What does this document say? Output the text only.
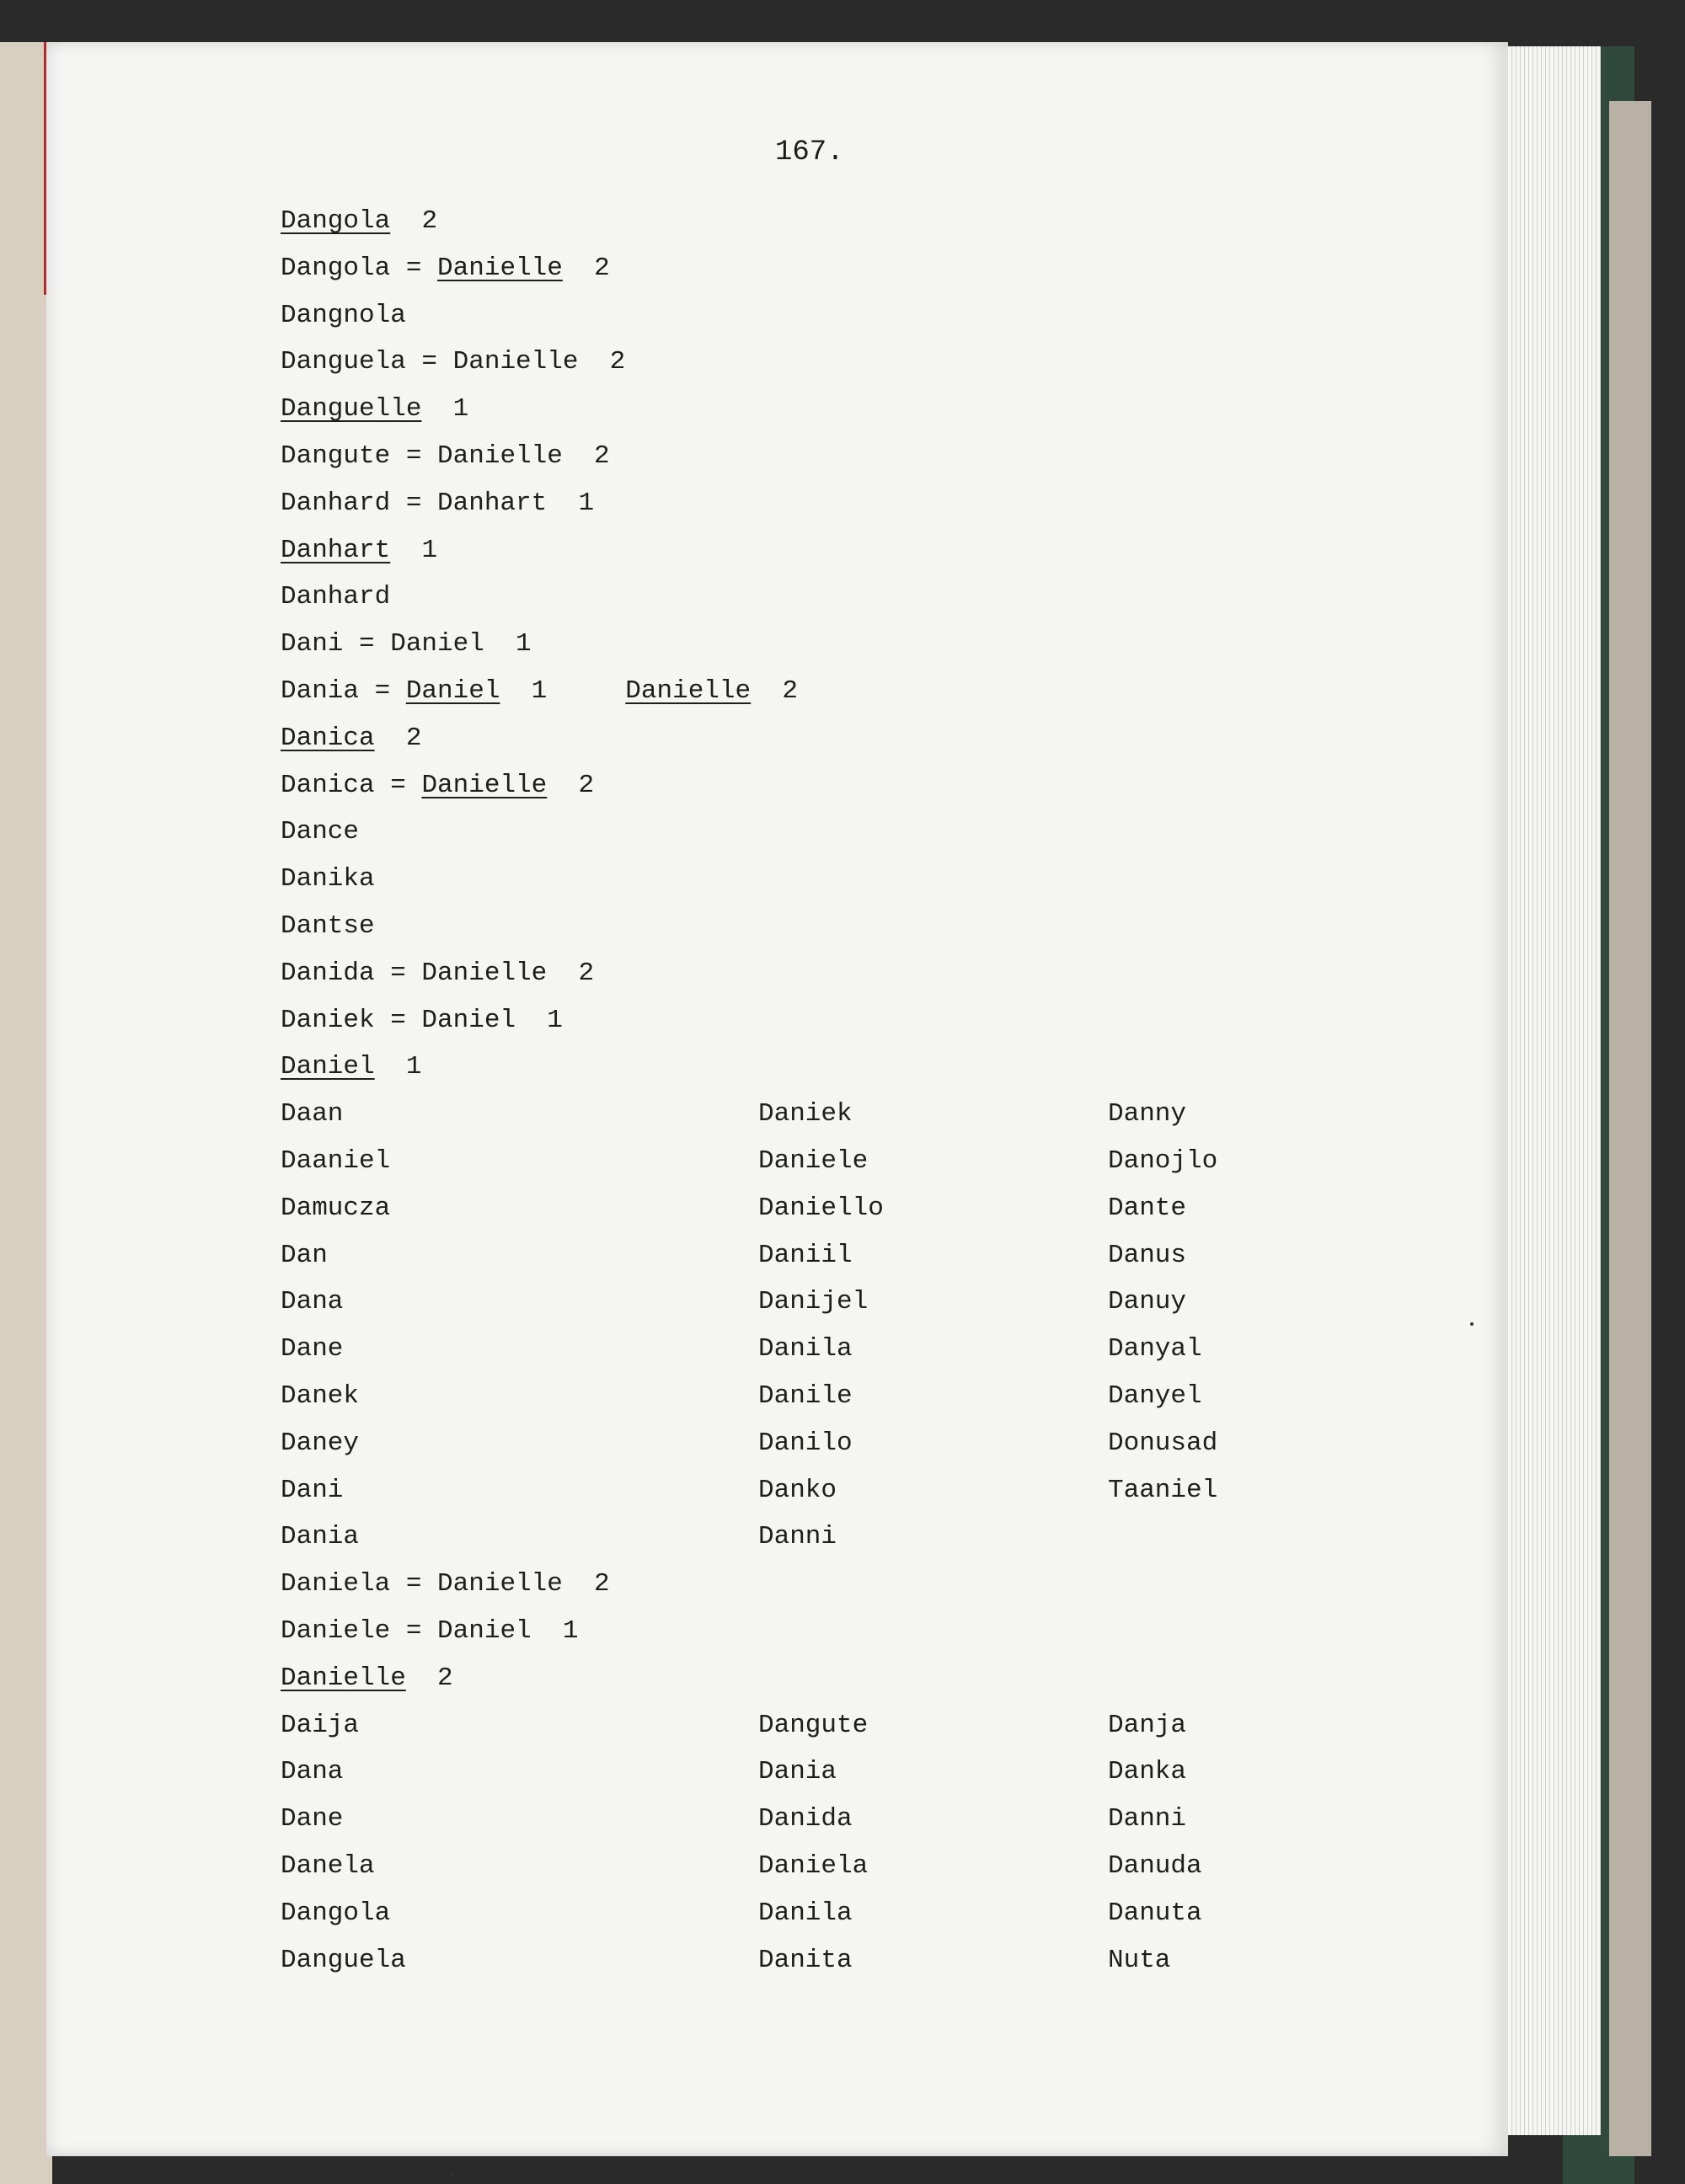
167.
Dangola  2
Dangola = Danielle  2
Dangnola
Danguela = Danielle  2
Danguelle  1
Dangute = Danielle  2
Danhard = Danhart  1
Danhart  1
Danhard
Dani = Daniel  1
Dania = Daniel  1     Danielle  2
Danica  2
Danica = Danielle  2
Dance
Danika
Dantse
Danida = Danielle  2
Daniek = Daniel  1
Daniel  1
Daan
Daaniel
Damucza
Dan
Dana
Dane
Danek
Daney
Dani
Dania
Daniek
Daniele
Daniello
Daniil
Danijel
Danila
Danile
Danilo
Danko
Danni
Danny
Danojlo
Dante
Danus
Danuy
Danyal
Danyel
Donusad
Taaniel
Daniela = Danielle  2
Daniele = Daniel  1
Danielle  2
Daija
Dana
Dane
Danela
Dangola
Danguela
Dangute
Dania
Danida
Daniela
Danila
Danita
Danja
Danka
Danni
Danuda
Danuta
Nuta
